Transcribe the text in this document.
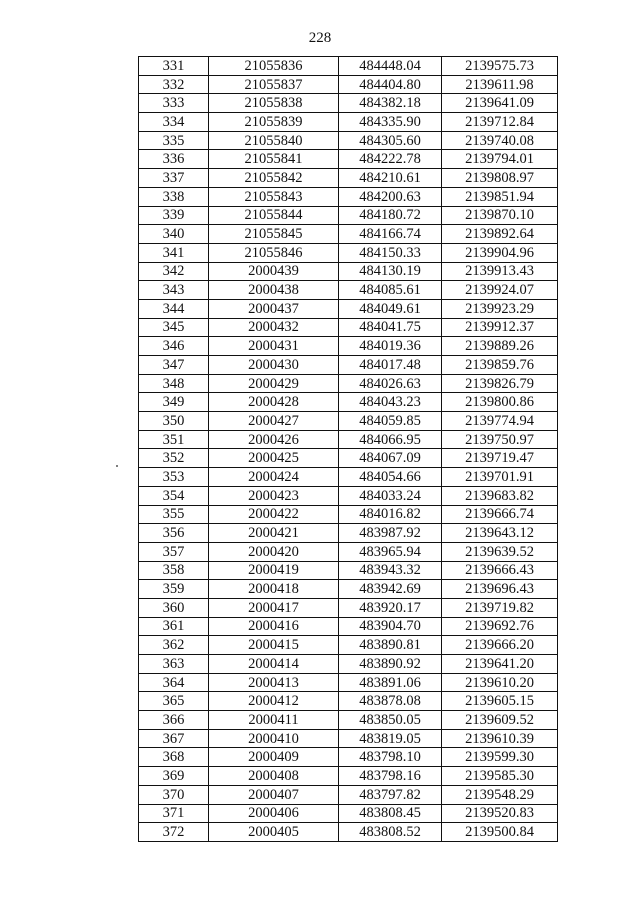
228
331	21055836	484448.04	2139575.73
332	21055837	484404.80	2139611.98
333	21055838	484382.18	2139641.09
334	21055839	484335.90	2139712.84
335	21055840	484305.60	2139740.08
336	21055841	484222.78	2139794.01
337	21055842	484210.61	2139808.97
338	21055843	484200.63	2139851.94
339	21055844	484180.72	2139870.10
340	21055845	484166.74	2139892.64
341	21055846	484150.33	2139904.96
342	2000439	484130.19	2139913.43
343	2000438	484085.61	2139924.07
344	2000437	484049.61	2139923.29
345	2000432	484041.75	2139912.37
346	2000431	484019.36	2139889.26
347	2000430	484017.48	2139859.76
348	2000429	484026.63	2139826.79
349	2000428	484043.23	2139800.86
350	2000427	484059.85	2139774.94
351	2000426	484066.95	2139750.97
352	2000425	484067.09	2139719.47
353	2000424	484054.66	2139701.91
354	2000423	484033.24	2139683.82
355	2000422	484016.82	2139666.74
356	2000421	483987.92	2139643.12
357	2000420	483965.94	2139639.52
358	2000419	483943.32	2139666.43
359	2000418	483942.69	2139696.43
360	2000417	483920.17	2139719.82
361	2000416	483904.70	2139692.76
362	2000415	483890.81	2139666.20
363	2000414	483890.92	2139641.20
364	2000413	483891.06	2139610.20
365	2000412	483878.08	2139605.15
366	2000411	483850.05	2139609.52
367	2000410	483819.05	2139610.39
368	2000409	483798.10	2139599.30
369	2000408	483798.16	2139585.30
370	2000407	483797.82	2139548.29
371	2000406	483808.45	2139520.83
372	2000405	483808.52	2139500.84
